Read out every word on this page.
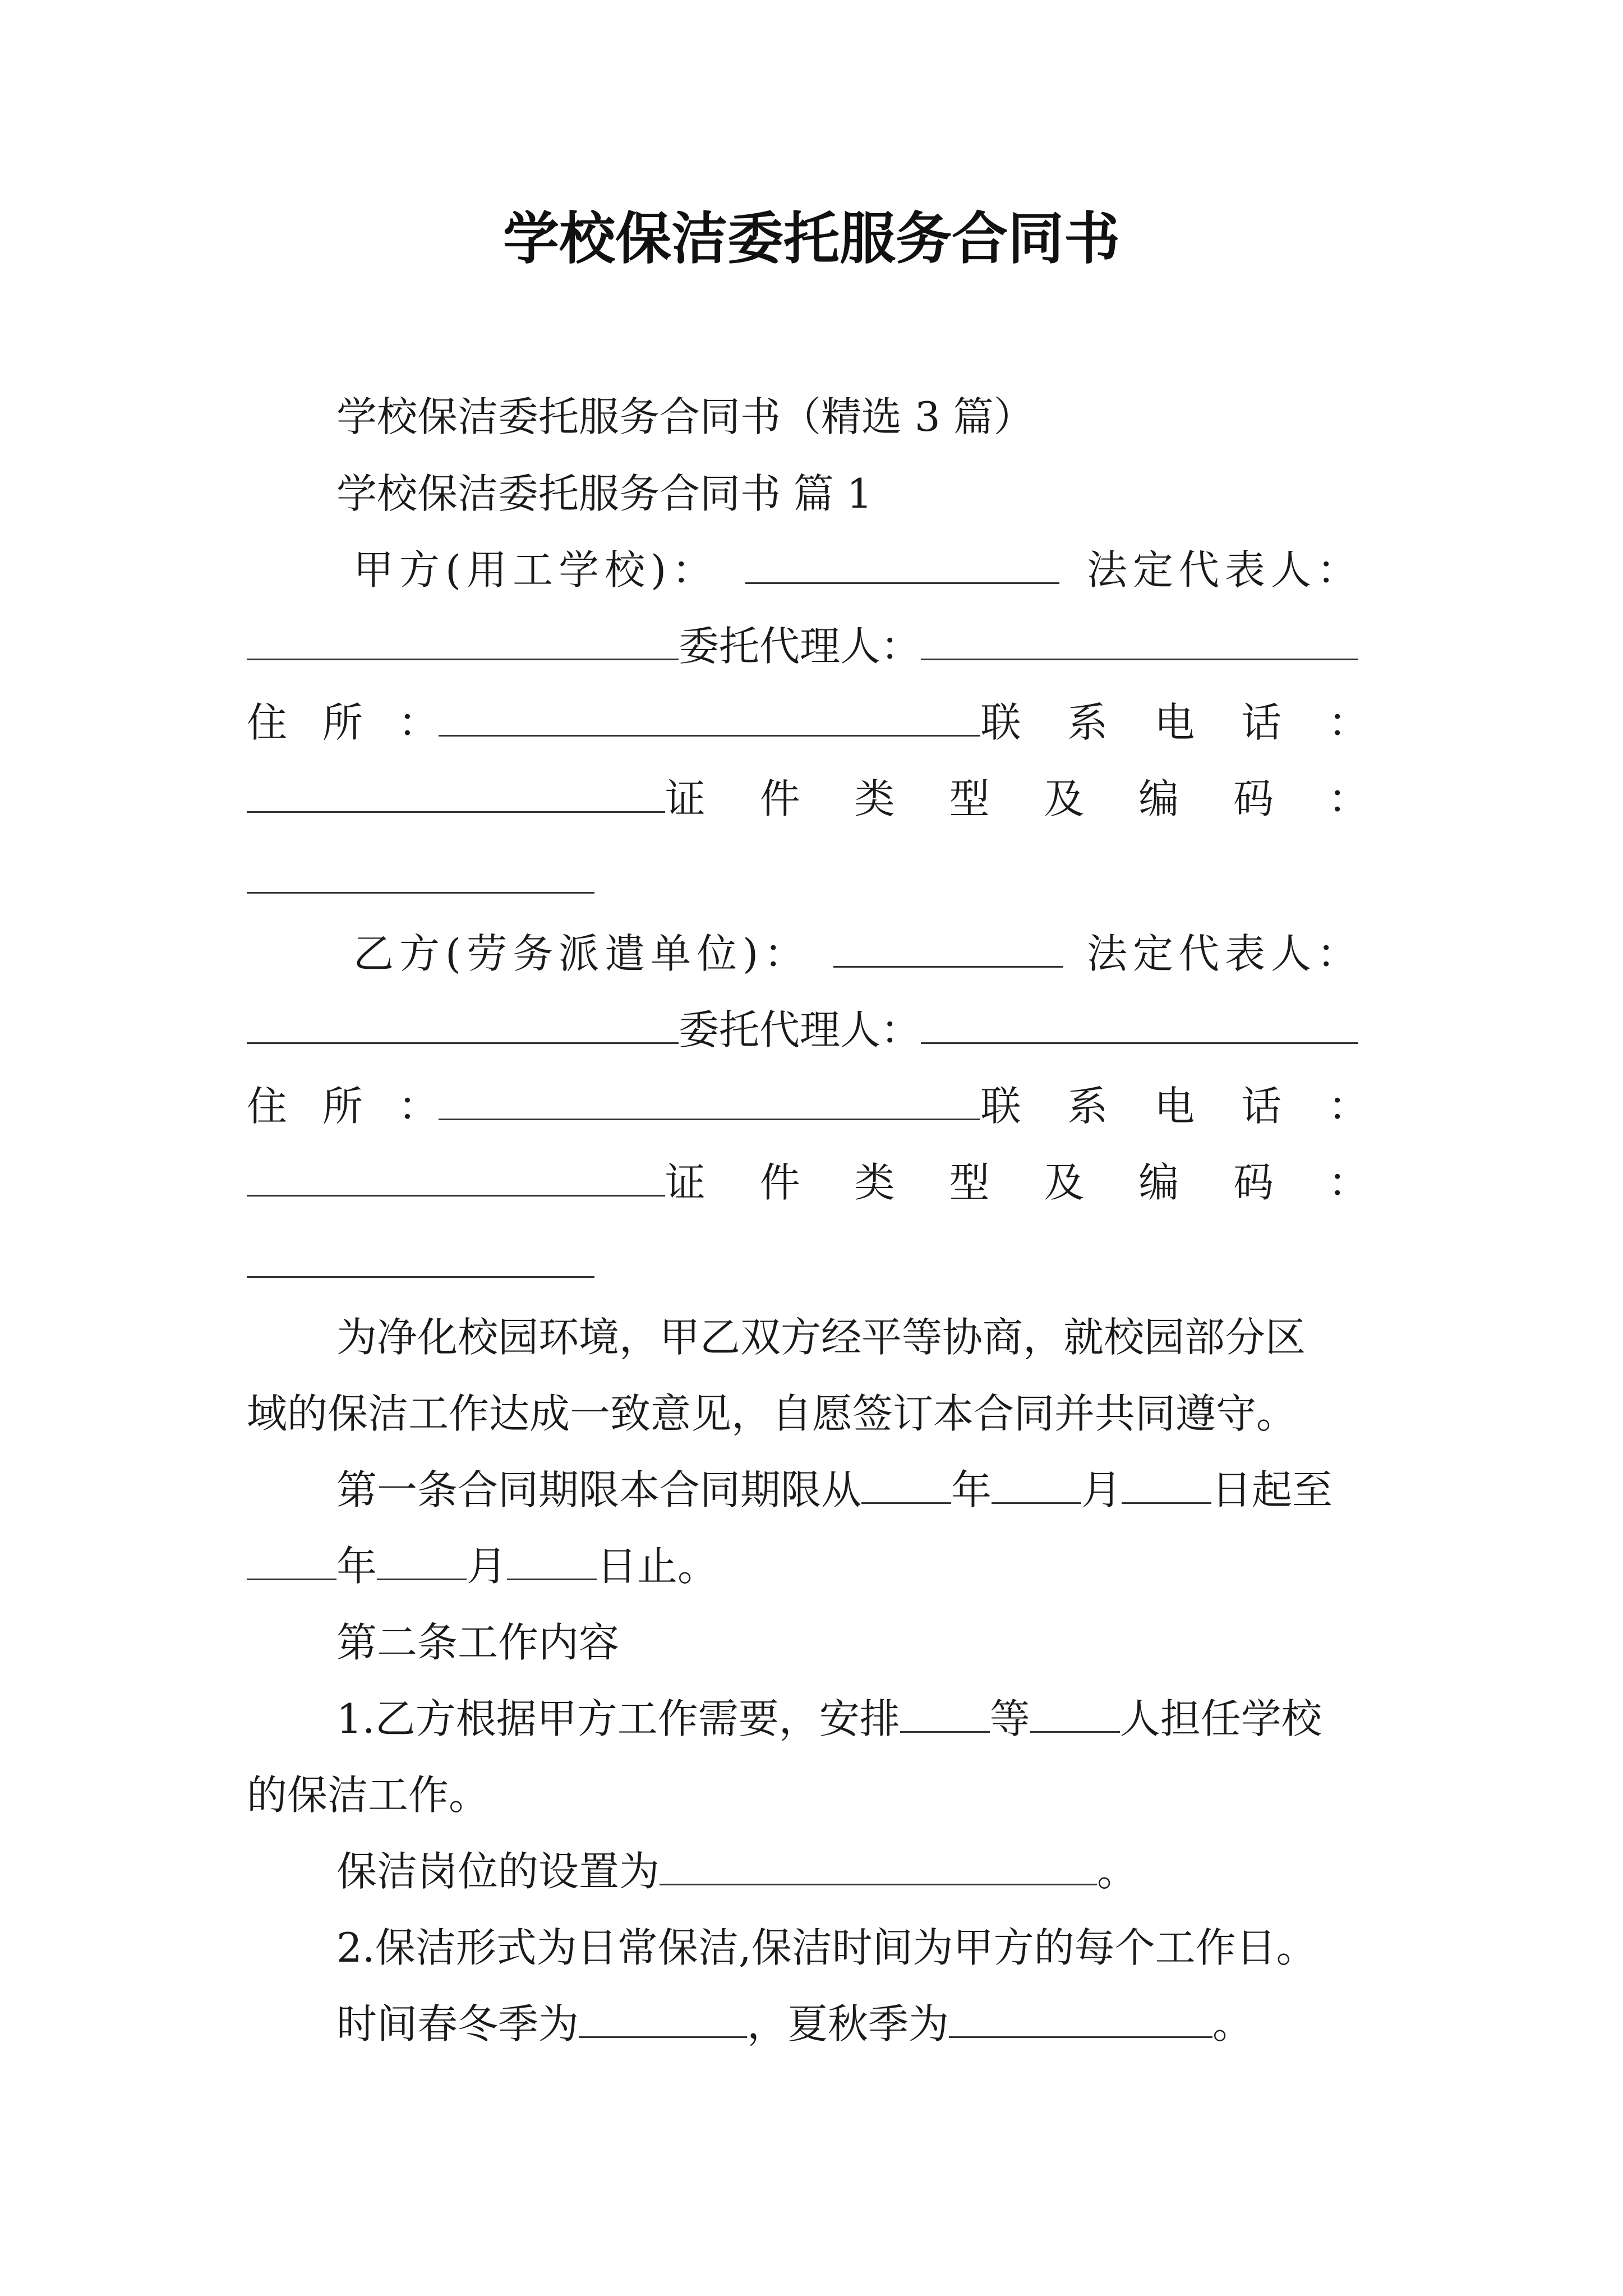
学校保洁委托服务合同书
学校保洁委托服务合同书（精选 3 篇）
学校保洁委托服务合同书 篇 1
甲方(用工学校)：	法定代表人：
委托代理人：
住 所 ：	联 系 电 话 ：
证 件 类 型 及 编 码 ：
乙方(劳务派遣单位)：	法定代表人：
委托代理人：
住 所 ：	联 系 电 话 ：
证 件 类 型 及 编 码 ：
为净化校园环境，甲乙双方经平等协商，就校园部分区
域的保洁工作达成一致意见，自愿签订本合同并共同遵守。
第一条合同期限本合同期限从 年 月 日起至
年 月 日止。
第二条工作内容
1.乙方根据甲方工作需要，安排 等 人担任学校
的保洁工作。
保洁岗位的设置为	。
2.保洁形式为日常保洁,保洁时间为甲方的每个工作日。
时间春冬季为	，夏秋季为	。
